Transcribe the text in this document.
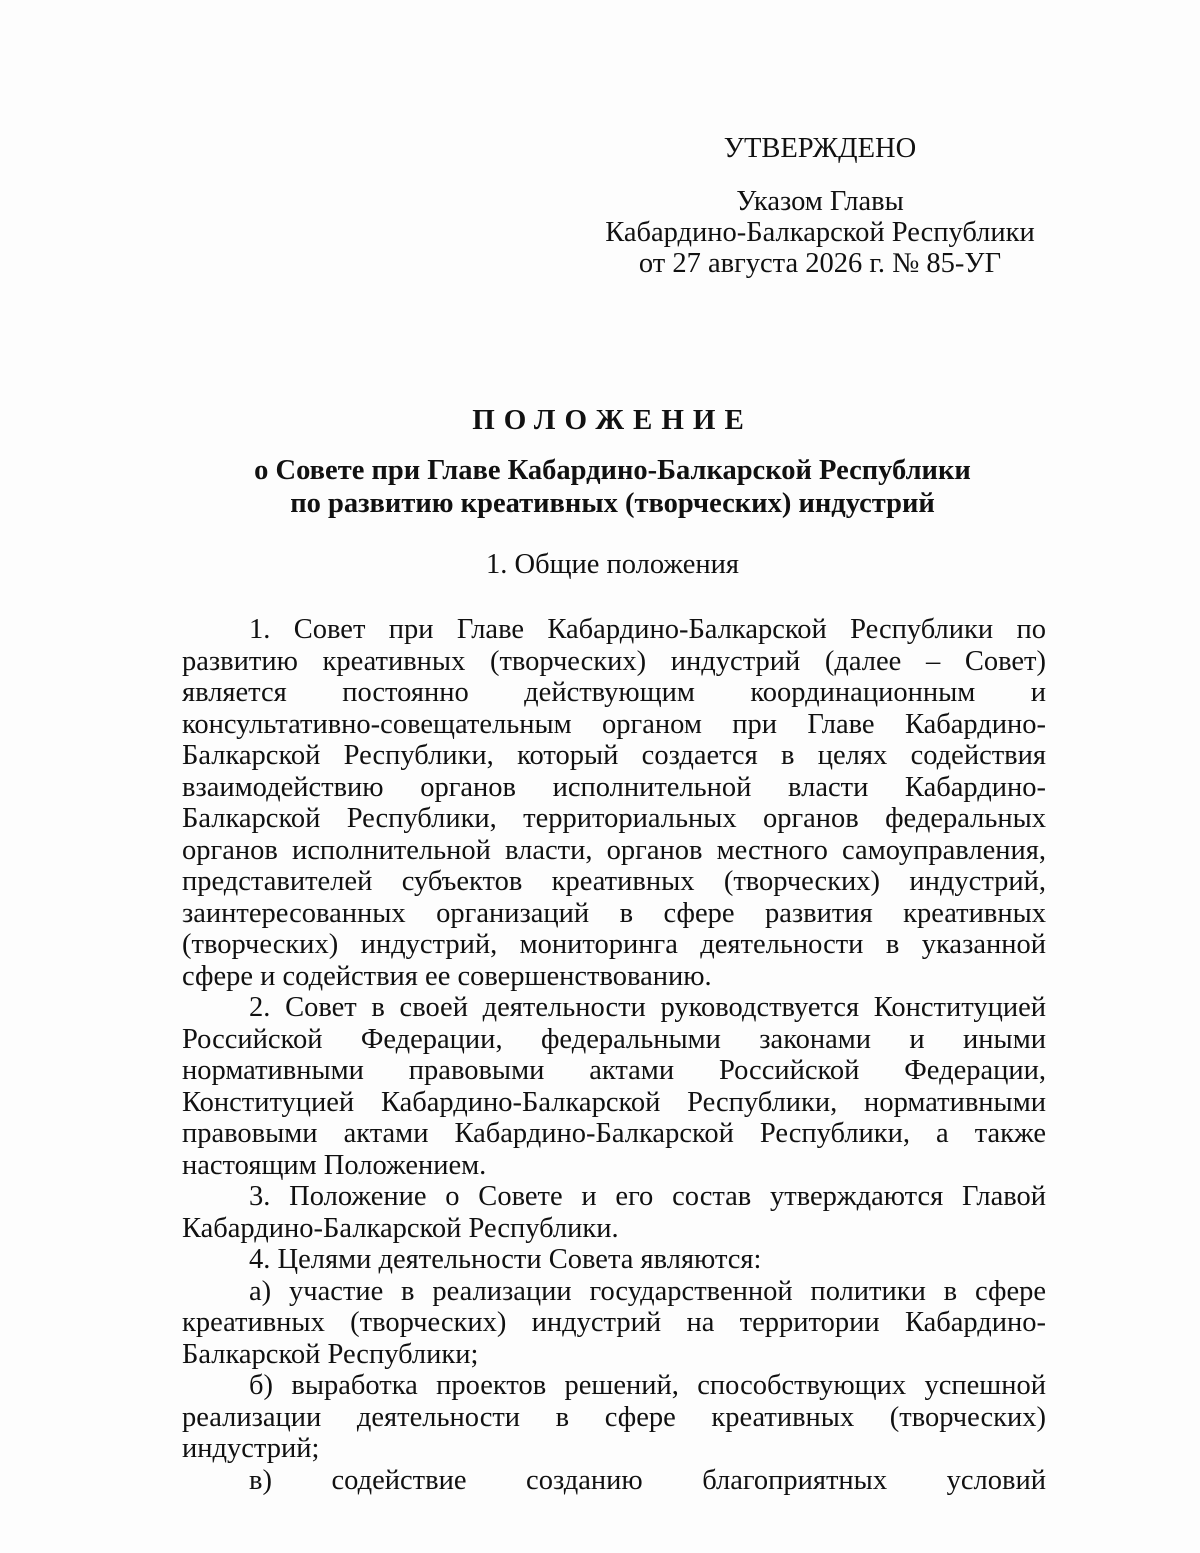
УТВЕРЖДЕНО
Указом Главы
Кабардино-Балкарской Республики
от 27 августа 2026 г. № 85-УГ
ПОЛОЖЕНИЕ
о Совете при Главе Кабардино-Балкарской Республики
по развитию креативных (творческих) индустрий
1. Общие положения

1. Совет при Главе Кабардино-Балкарской Республики по развитию креативных (творческих) индустрий (далее – Совет) является постоянно действующим координационным и консультативно-совещательным органом при Главе Кабардино-Балкарской Республики, который создается в целях содействия взаимодействию органов исполнительной власти Кабардино-Балкарской Республики, территориальных органов федеральных органов исполнительной власти, органов местного самоуправления, представителей субъектов креативных (творческих) индустрий, заинтересованных организаций в сфере развития креативных (творческих) индустрий, мониторинга деятельности в указанной сфере и содействия ее совершенствованию.

2. Совет в своей деятельности руководствуется Конституцией Российской Федерации, федеральными законами и иными нормативными правовыми актами Российской Федерации, Конституцией Кабардино-Балкарской Республики, нормативными правовыми актами Кабардино-Балкарской Республики, а также настоящим Положением.

3. Положение о Совете и его состав утверждаются Главой Кабардино-Балкарской Республики.

4. Целями деятельности Совета являются:

а) участие в реализации государственной политики в сфере креативных (творческих) индустрий на территории Кабардино-Балкарской Республики;

б) выработка проектов решений, способствующих успешной реализации деятельности в сфере креативных (творческих) индустрий;

в) содействие созданию благоприятных условий
